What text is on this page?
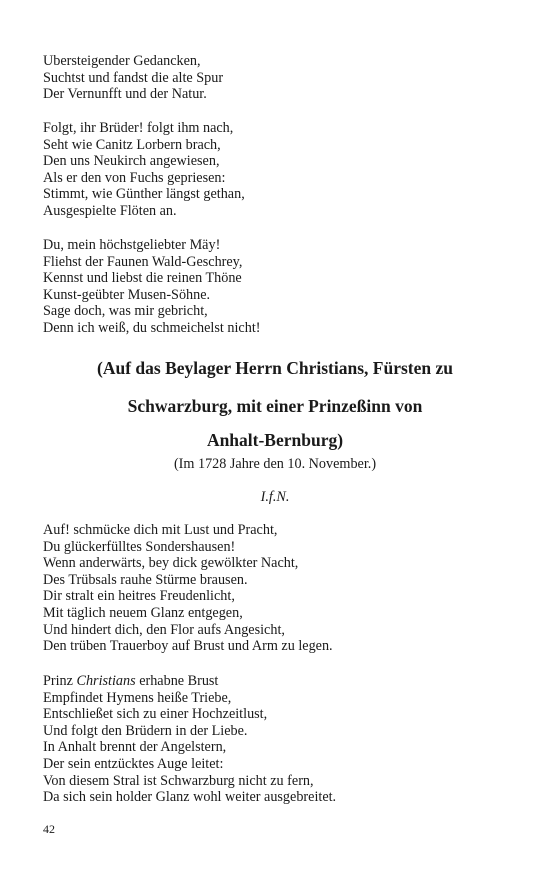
Ubersteigender Gedancken,
Suchtst und fandst die alte Spur
Der Vernunfft und der Natur.
Folgt, ihr Brüder! folgt ihm nach,
Seht wie Canitz Lorbern brach,
Den uns Neukirch angewiesen,
Als er den von Fuchs gepriesen:
Stimmt, wie Günther längst gethan,
Ausgespielte Flöten an.
Du, mein höchstgeliebter Mäy!
Fliehst der Faunen Wald-Geschrey,
Kennst und liebst die reinen Thöne
Kunst-geübter Musen-Söhne.
Sage doch, was mir gebricht,
Denn ich weiß, du schmeichelst nicht!
(Auf das Beylager Herrn Christians, Fürsten zu
Schwarzburg, mit einer Prinzeßinn von
Anhalt-Bernburg)
(Im 1728 Jahre den 10. November.)
I.f.N.
Auf! schmücke dich mit Lust und Pracht,
Du glückerfülltes Sondershausen!
Wenn anderwärts, bey dick gewölkter Nacht,
Des Trübsals rauhe Stürme brausen.
Dir stralt ein heitres Freudenlicht,
Mit täglich neuem Glanz entgegen,
Und hindert dich, den Flor aufs Angesicht,
Den trüben Trauerboy auf Brust und Arm zu legen.
Prinz Christians erhabne Brust
Empfindet Hymens heiße Triebe,
Entschließet sich zu einer Hochzeitlust,
Und folgt den Brüdern in der Liebe.
In Anhalt brennt der Angelstern,
Der sein entzücktes Auge leitet:
Von diesem Stral ist Schwarzburg nicht zu fern,
Da sich sein holder Glanz wohl weiter ausgebreitet.
42
